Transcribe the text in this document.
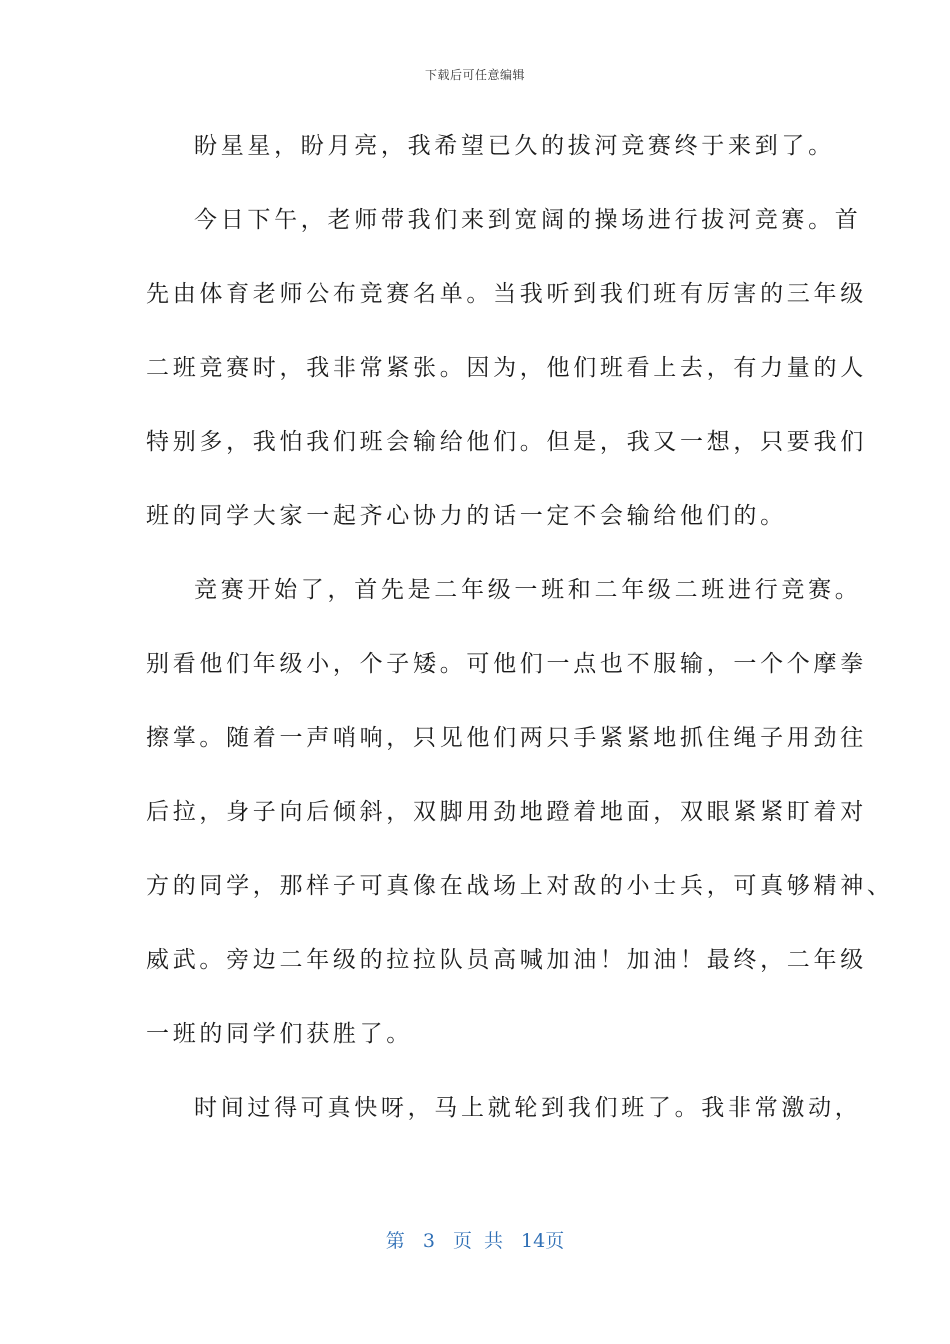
下载后可任意编辑
盼星星，盼月亮，我希望已久的拔河竞赛终于来到了。
今日下午，老师带我们来到宽阔的操场进行拔河竞赛。首
先由体育老师公布竞赛名单。当我听到我们班有厉害的三年级
二班竞赛时，我非常紧张。因为，他们班看上去，有力量的人
特别多，我怕我们班会输给他们。但是，我又一想，只要我们
班的同学大家一起齐心协力的话一定不会输给他们的。
竞赛开始了，首先是二年级一班和二年级二班进行竞赛。
别看他们年级小，个子矮。可他们一点也不服输，一个个摩拳
擦掌。随着一声哨响，只见他们两只手紧紧地抓住绳子用劲往
后拉，身子向后倾斜，双脚用劲地蹬着地面，双眼紧紧盯着对
方的同学，那样子可真像在战场上对敌的小士兵，可真够精神、
威武。旁边二年级的拉拉队员高喊加油！加油！最终，二年级
一班的同学们获胜了。
时间过得可真快呀，马上就轮到我们班了。我非常激动，
第 3 页 共 14页
